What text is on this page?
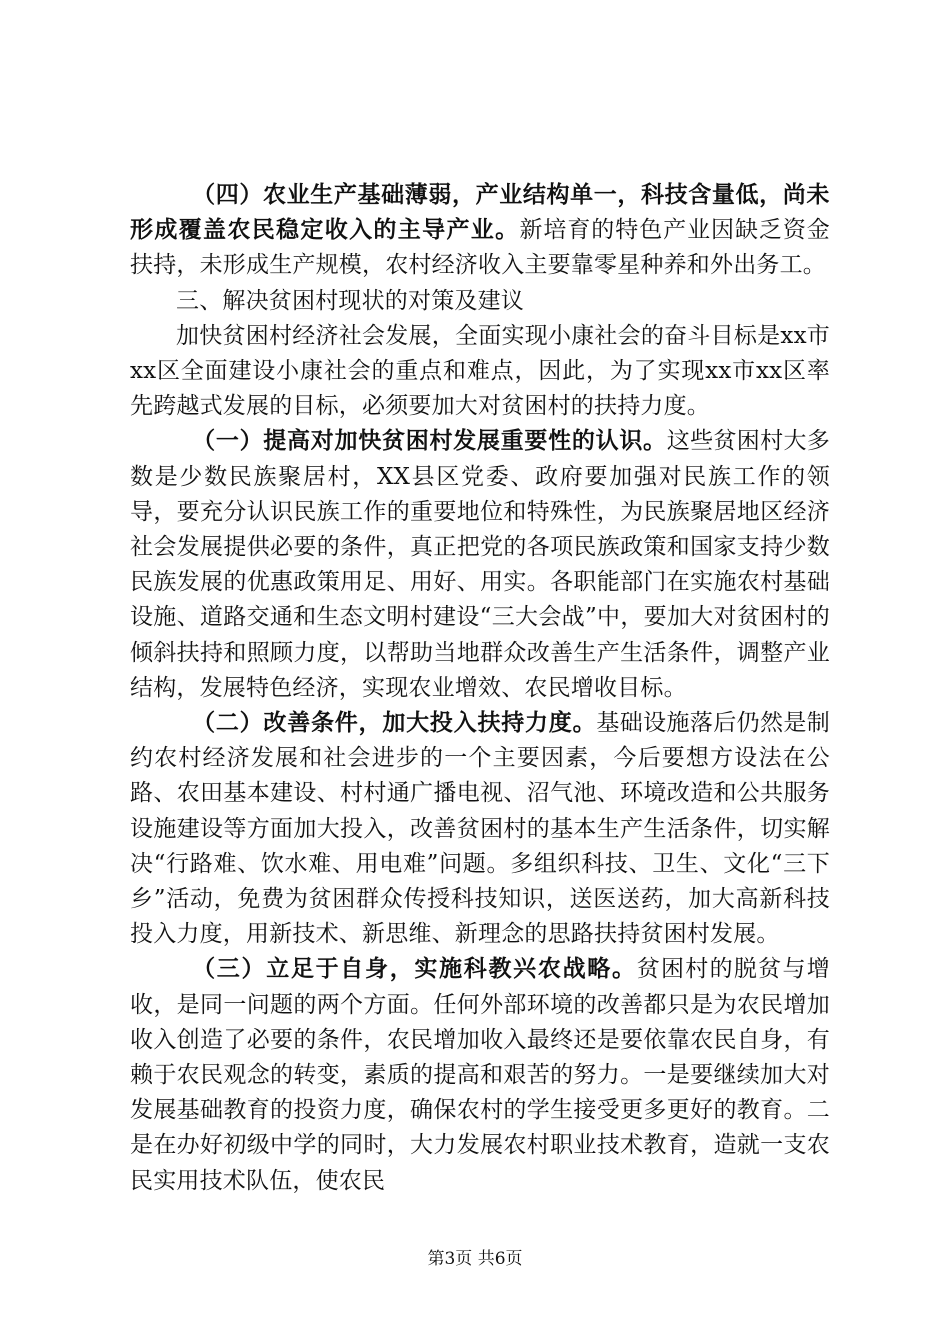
（四）农业生产基础薄弱，产业结构单一，科技含量低，尚未形成覆盖农民稳定收入的主导产业。新培育的特色产业因缺乏资金扶持，未形成生产规模，农村经济收入主要靠零星种养和外出务工。

三、解决贫困村现状的对策及建议

加快贫困村经济社会发展，全面实现小康社会的奋斗目标是xx市xx区全面建设小康社会的重点和难点，因此，为了实现xx市xx区率先跨越式发展的目标，必须要加大对贫困村的扶持力度。

（一）提高对加快贫困村发展重要性的认识。这些贫困村大多数是少数民族聚居村，XX县区党委、政府要加强对民族工作的领导，要充分认识民族工作的重要地位和特殊性，为民族聚居地区经济社会发展提供必要的条件，真正把党的各项民族政策和国家支持少数民族发展的优惠政策用足、用好、用实。各职能部门在实施农村基础设施、道路交通和生态文明村建设“三大会战”中，要加大对贫困村的倾斜扶持和照顾力度，以帮助当地群众改善生产生活条件，调整产业结构，发展特色经济，实现农业增效、农民增收目标。

（二）改善条件，加大投入扶持力度。基础设施落后仍然是制约农村经济发展和社会进步的一个主要因素，今后要想方设法在公路、农田基本建设、村村通广播电视、沼气池、环境改造和公共服务设施建设等方面加大投入，改善贫困村的基本生产生活条件，切实解决“行路难、饮水难、用电难”问题。多组织科技、卫生、文化“三下乡”活动，免费为贫困群众传授科技知识，送医送药，加大高新科技投入力度，用新技术、新思维、新理念的思路扶持贫困村发展。

（三）立足于自身，实施科教兴农战略。贫困村的脱贫与增收，是同一问题的两个方面。任何外部环境的改善都只是为农民增加收入创造了必要的条件，农民增加收入最终还是要依靠农民自身，有赖于农民观念的转变，素质的提高和艰苦的努力。一是要继续加大对发展基础教育的投资力度，确保农村的学生接受更多更好的教育。二是在办好初级中学的同时，大力发展农村职业技术教育，造就一支农民实用技术队伍，使农民

第3页 共6页
